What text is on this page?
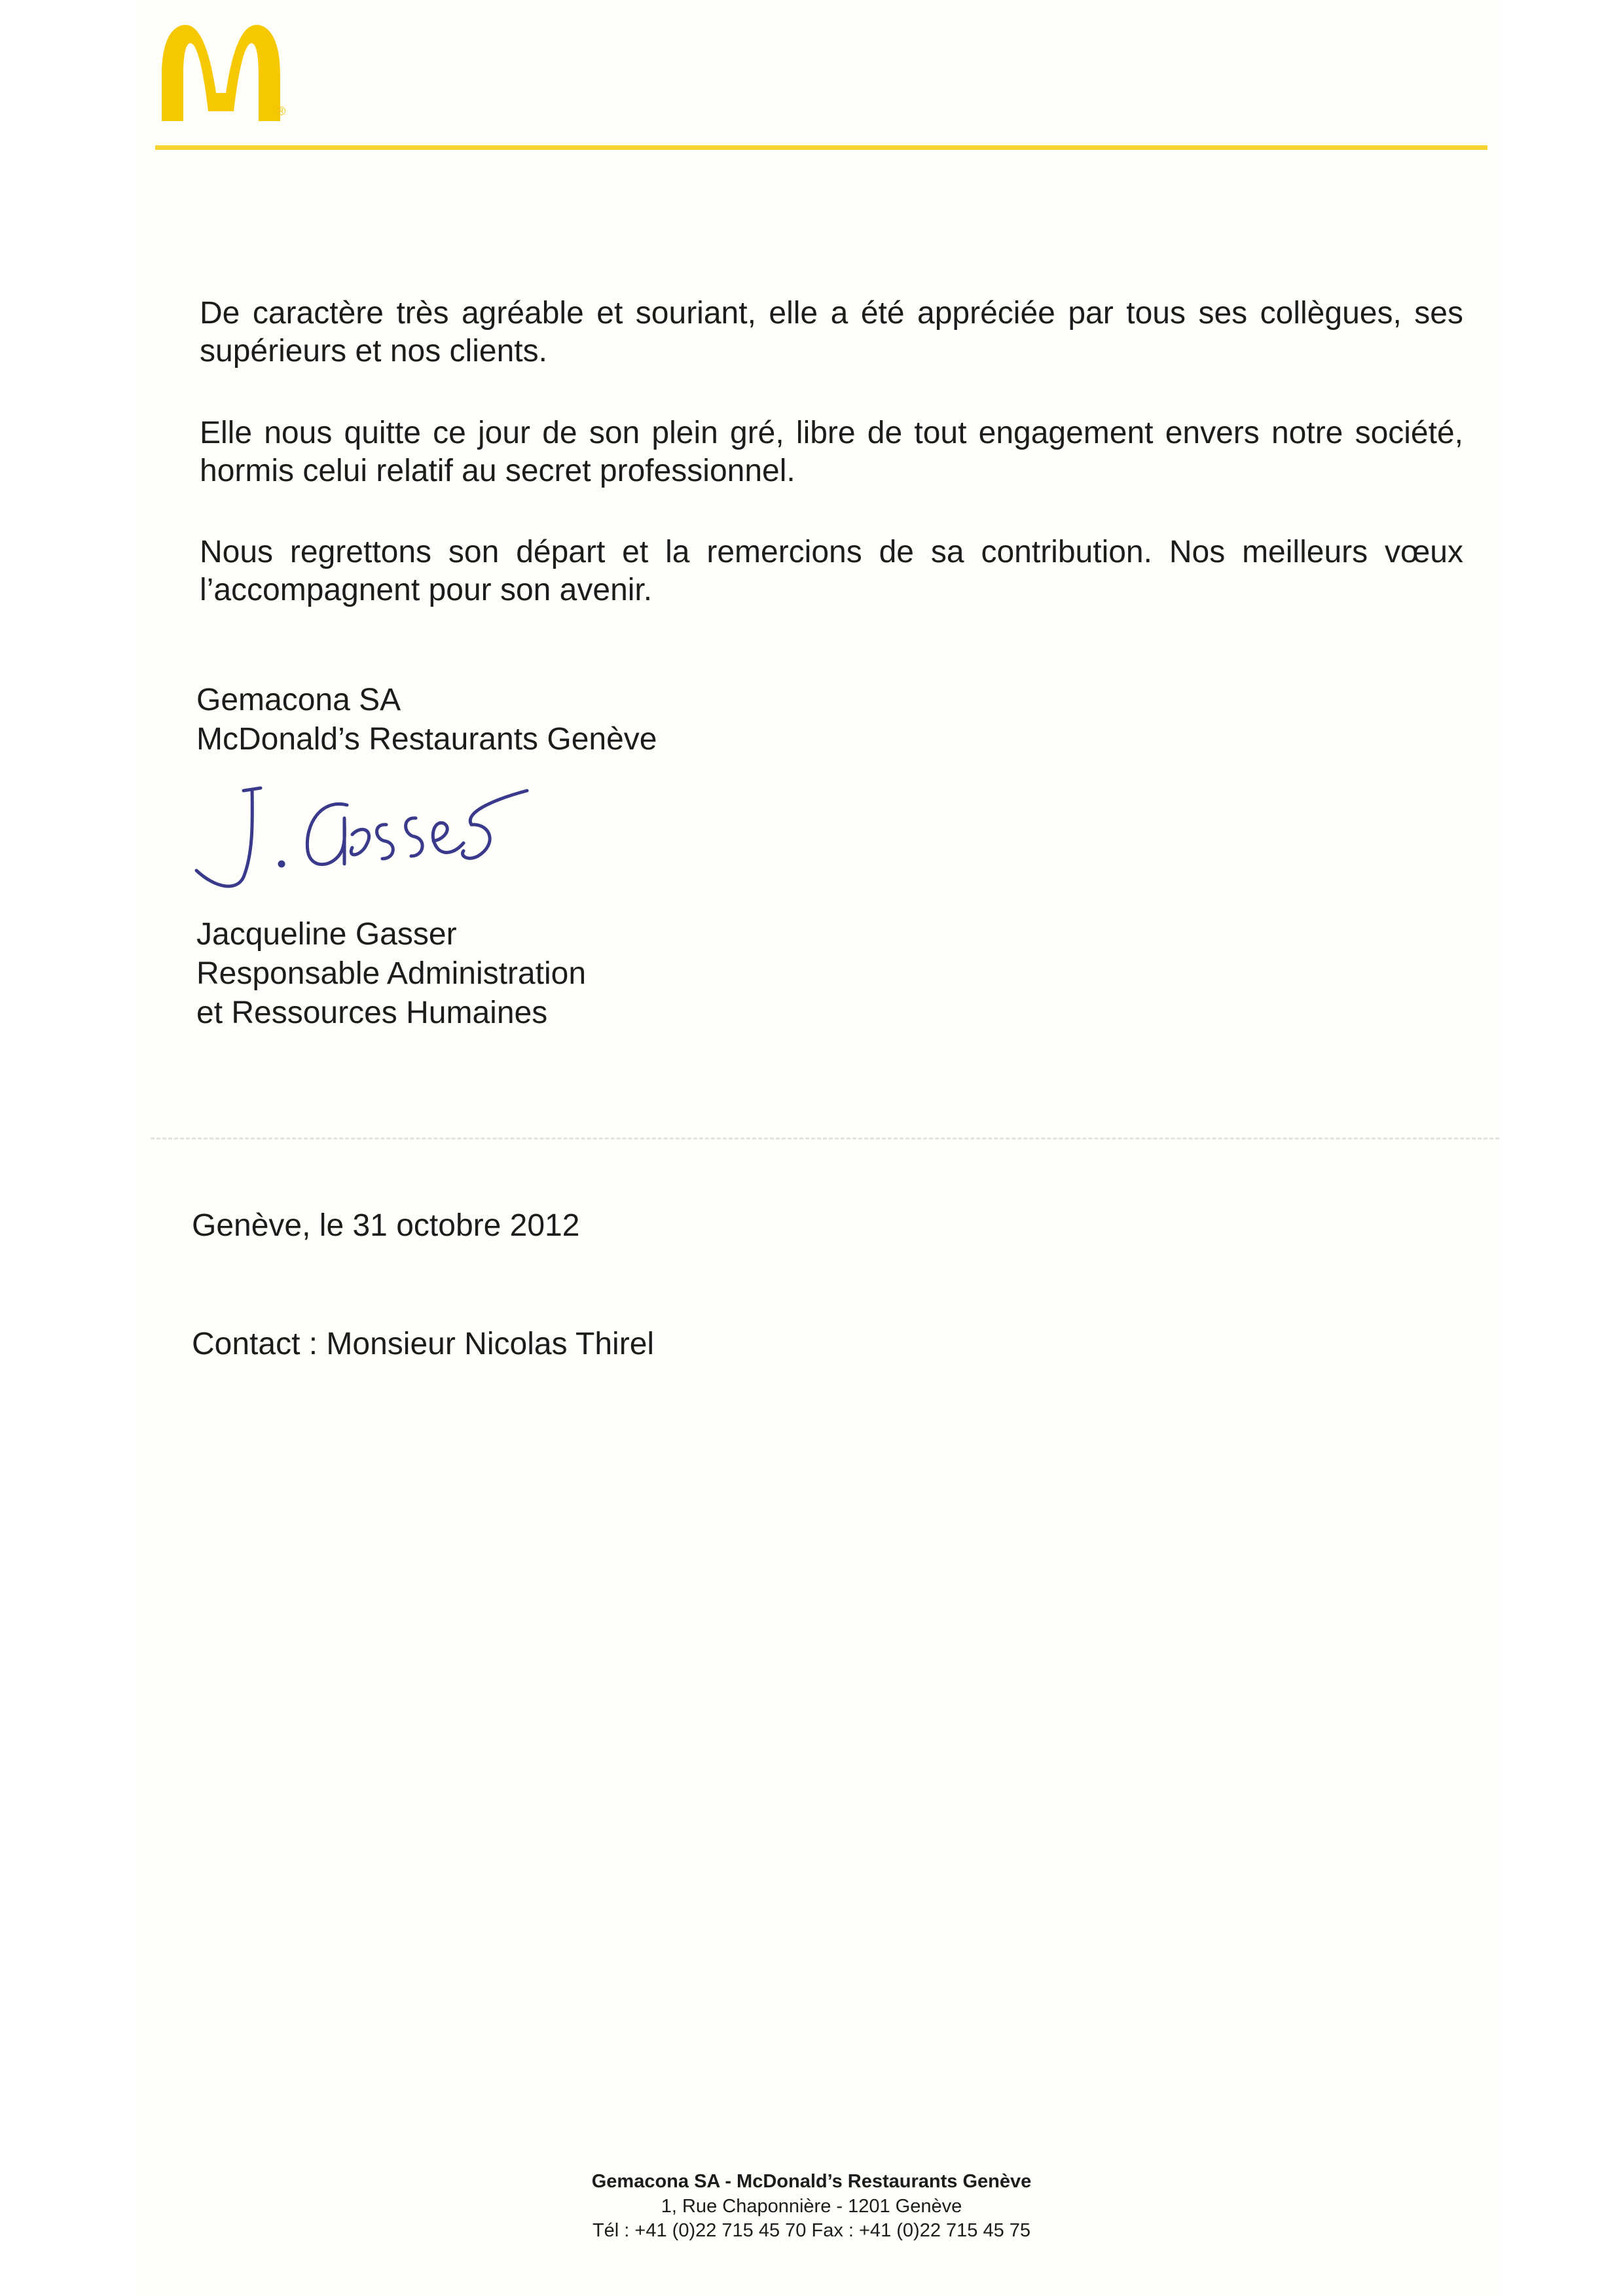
®

De caractère très agréable et souriant, elle a été appréciée par tous ses collègues, ses supérieurs et nos clients.

Elle nous quitte ce jour de son plein gré, libre de tout engagement envers notre société, hormis celui relatif au secret professionnel.

Nous regrettons son départ et la remercions de sa contribution. Nos meilleurs vœux l’accompagnent pour son avenir.

Gemacona SA
McDonald’s Restaurants Genève
Jacqueline Gasser
Responsable Administration
et Ressources Humaines

Genève, le 31 octobre 2012

Contact : Monsieur Nicolas Thirel

Gemacona SA - McDonald’s Restaurants Genève

1, Rue Chaponnière - 1201 Genève

Tél : +41 (0)22 715 45 70 Fax : +41 (0)22 715 45 75
